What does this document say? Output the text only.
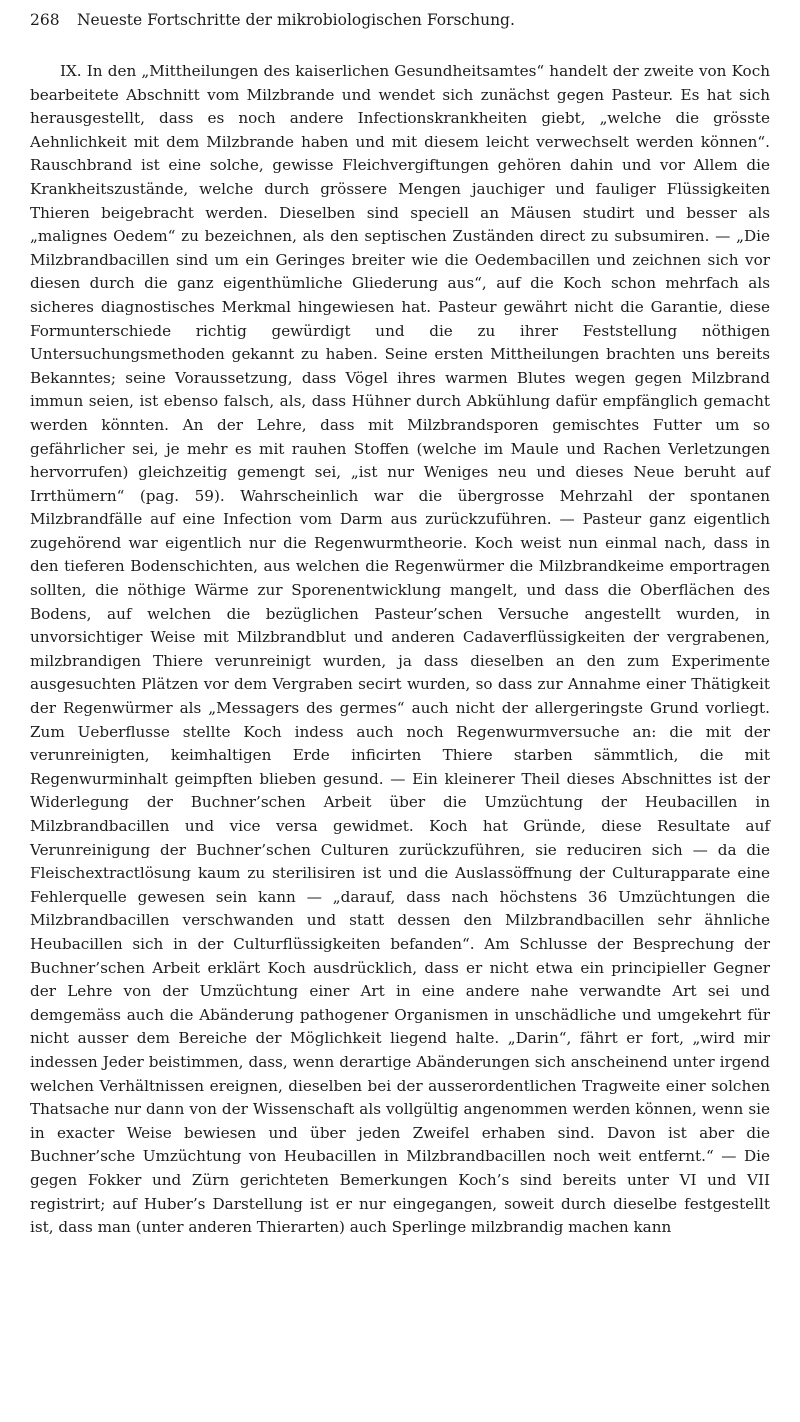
268 Neueste Fortschritte der mikrobiologischen Forschung.

IX. In den „Mittheilungen des kaiserlichen Gesundheitsamtes“ handelt der zweite von Koch bearbeitete Abschnitt vom Milzbrande und wendet sich zunächst gegen Pasteur. Es hat sich herausgestellt, dass es noch andere Infectionskrankheiten giebt, „welche die grösste Aehnlichkeit mit dem Milzbrande haben und mit diesem leicht verwechselt werden können“. Rauschbrand ist eine solche, gewisse Fleichvergiftungen gehören dahin und vor Allem die Krankheitszustände, welche durch grössere Mengen jauchiger und fauliger Flüssigkeiten Thieren beigebracht werden. Dieselben sind speciell an Mäusen studirt und besser als „malignes Oedem“ zu bezeichnen, als den septischen Zuständen direct zu subsumiren. — „Die Milzbrandbacillen sind um ein Geringes breiter wie die Oedembacillen und zeichnen sich vor diesen durch die ganz eigenthümliche Gliederung aus“, auf die Koch schon mehrfach als sicheres diagnostisches Merkmal hingewiesen hat. Pasteur gewährt nicht die Garantie, diese Formunterschiede richtig gewürdigt und die zu ihrer Feststellung nöthigen Untersuchungsmethoden gekannt zu haben. Seine ersten Mittheilungen brachten uns bereits Bekanntes; seine Voraussetzung, dass Vögel ihres warmen Blutes wegen gegen Milzbrand immun seien, ist ebenso falsch, als, dass Hühner durch Abkühlung dafür empfänglich gemacht werden könnten. An der Lehre, dass mit Milzbrandsporen gemischtes Futter um so gefährlicher sei, je mehr es mit rauhen Stoffen (welche im Maule und Rachen Verletzungen hervorrufen) gleichzeitig gemengt sei, „ist nur Weniges neu und dieses Neue beruht auf Irrthümern“ (pag. 59). Wahrscheinlich war die übergrosse Mehrzahl der spontanen Milzbrandfälle auf eine Infection vom Darm aus zurückzuführen. — Pasteur ganz eigentlich zugehörend war eigentlich nur die Regenwurmtheorie. Koch weist nun einmal nach, dass in den tieferen Bodenschichten, aus welchen die Regenwürmer die Milzbrandkeime emportragen sollten, die nöthige Wärme zur Sporenentwicklung mangelt, und dass die Oberflächen des Bodens, auf welchen die bezüglichen Pasteur’schen Versuche angestellt wurden, in unvorsichtiger Weise mit Milzbrandblut und anderen Cadaverflüssigkeiten der vergrabenen, milzbrandigen Thiere verunreinigt wurden, ja dass dieselben an den zum Experimente ausgesuchten Plätzen vor dem Vergraben secirt wurden, so dass zur Annahme einer Thätigkeit der Regenwürmer als „Messagers des germes“ auch nicht der allergeringste Grund vorliegt. Zum Ueberflusse stellte Koch indess auch noch Regenwurmversuche an: die mit der verunreinigten, keimhaltigen Erde inficirten Thiere starben sämmtlich, die mit Regenwurminhalt geimpften blieben gesund. — Ein kleinerer Theil dieses Abschnittes ist der Widerlegung der Buchner’schen Arbeit über die Umzüchtung der Heubacillen in Milzbrandbacillen und vice versa gewidmet. Koch hat Gründe, diese Resultate auf Verunreinigung der Buchner’schen Culturen zurückzuführen, sie reduciren sich — da die Fleischextractlösung kaum zu sterilisiren ist und die Auslassöffnung der Culturapparate eine Fehlerquelle gewesen sein kann — „darauf, dass nach höchstens 36 Umzüchtungen die Milzbrandbacillen verschwanden und statt dessen den Milzbrandbacillen sehr ähnliche Heubacillen sich in der Culturflüssigkeiten befanden“. Am Schlusse der Besprechung der Buchner’schen Arbeit erklärt Koch ausdrücklich, dass er nicht etwa ein principieller Gegner der Lehre von der Umzüchtung einer Art in eine andere nahe verwandte Art sei und demgemäss auch die Abänderung pathogener Organismen in unschädliche und umgekehrt für nicht ausser dem Bereiche der Möglichkeit liegend halte. „Darin“, fährt er fort, „wird mir indessen Jeder beistimmen, dass, wenn derartige Abänderungen sich anscheinend unter irgend welchen Verhältnissen ereignen, dieselben bei der ausserordentlichen Tragweite einer solchen Thatsache nur dann von der Wissenschaft als vollgültig angenommen werden können, wenn sie in exacter Weise bewiesen und über jeden Zweifel erhaben sind. Davon ist aber die Buchner’sche Umzüchtung von Heubacillen in Milzbrandbacillen noch weit entfernt.“ — Die gegen Fokker und Zürn gerichteten Bemerkungen Koch’s sind bereits unter VI und VII registrirt; auf Huber’s Darstellung ist er nur eingegangen, soweit durch dieselbe festgestellt ist, dass man (unter anderen Thierarten) auch Sperlinge milzbrandig machen kann
